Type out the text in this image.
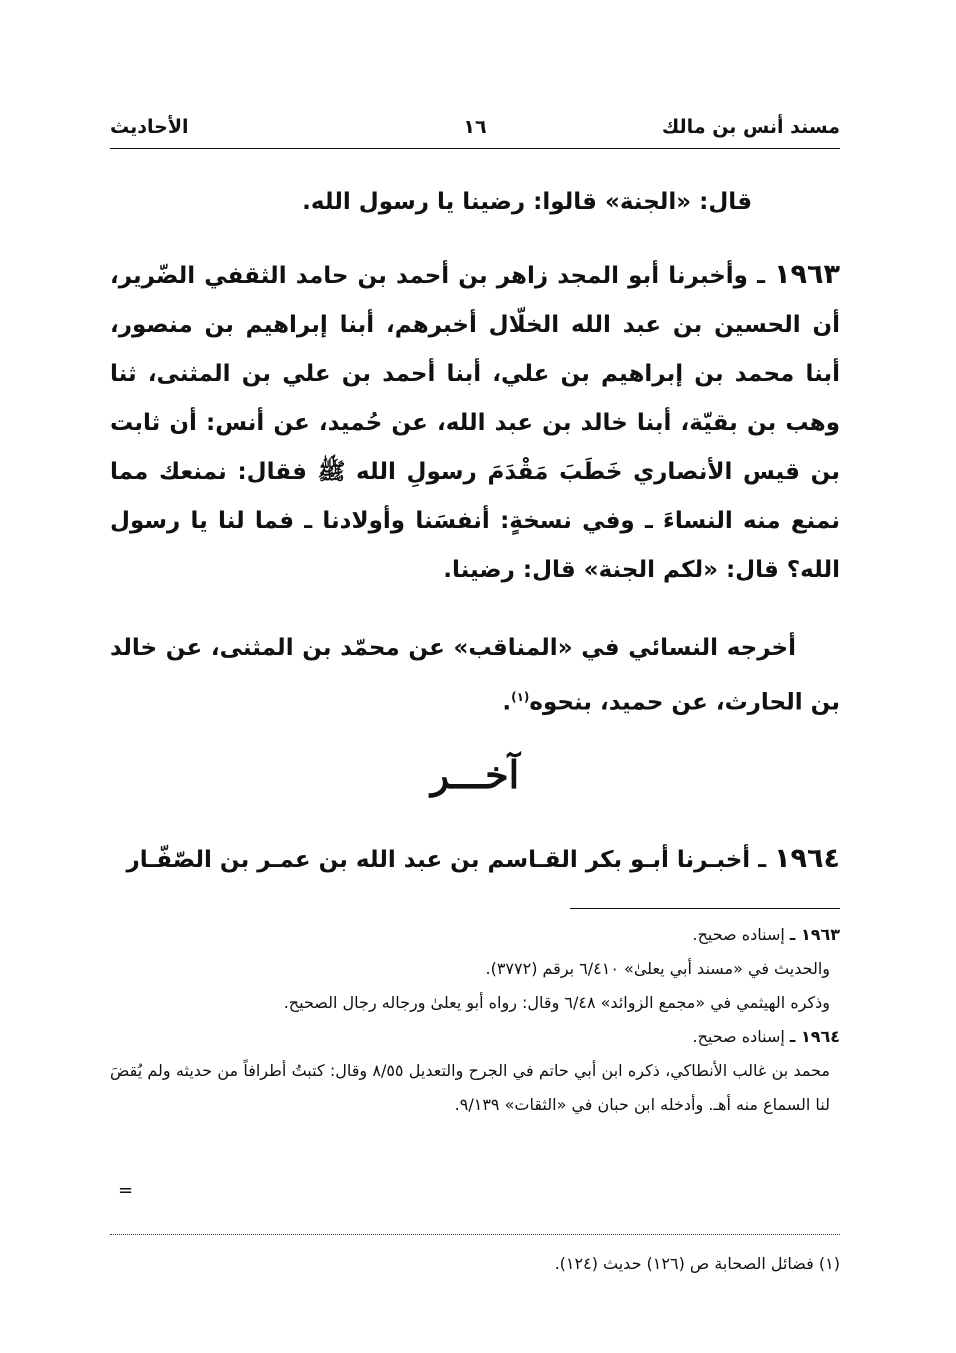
مسند أنس بن مالك
١٦
الأحاديث
قال: «الجنة» قالوا: رضينا يا رسول الله.
١٩٦٣ ـ وأخبرنا أبو المجد زاهر بن أحمد بن حامد الثقفي الضّرير، أن الحسين بن عبد الله الخلّال أخبرهم، أبنا إبراهيم بن منصور، أبنا محمد بن إبراهيم بن علي، أبنا أحمد بن علي بن المثنى، ثنا وهب بن بقيّة، أبنا خالد بن عبد الله، عن حُميد، عن أنس: أن ثابت بن قيس الأنصاري خَطَبَ مَقْدَمَ رسولِ الله ﷺ فقال: نمنعك مما نمنع منه النساءَ ـ وفي نسخةٍ: أنفسَنا وأولادنا ـ فما لنا يا رسول الله؟ قال: «لكم الجنة» قال: رضينا.
أخرجه النسائي في «المناقب» عن محمّد بن المثنى، عن خالد بن الحارث، عن حميد، بنحوه$^{(١)}$.
آخـــر
١٩٦٤ ـ أخبـرنا أبـو بكر القـاسم بن عبد الله بن عمـر بن الصّفّـار

١٩٦٣ ـ إسناده صحيح.

والحديث في «مسند أبي يعلىٰ» ٦/٤١٠ برقم (٣٧٧٢).

وذكره الهيثمي في «مجمع الزوائد» ٦/٤٨ وقال: رواه أبو يعلىٰ ورجاله رجال الصحيح.

١٩٦٤ ـ إسناده صحيح.

محمد بن غالب الأنطاكي، ذكره ابن أبي حاتم في الجرح والتعديل ٨/٥٥ وقال: كتبتُ أطرافاً من حديثه ولم يُقضَ لنا السماع منه أهـ. وأدخله ابن حبان في «الثقات» ٩/١٣٩.

=
(١) فضائل الصحابة ص (١٢٦) حديث (١٢٤).
